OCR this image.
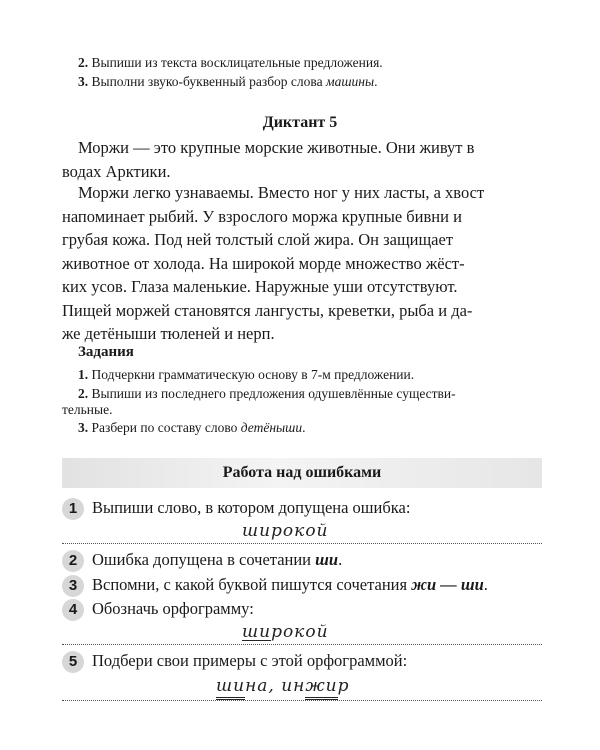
2. Выпиши из текста восклицательные предложения.
3. Выполни звуко-буквенный разбор слова машины.
Диктант 5
Моржи — это крупные морские животные. Они живут в
водах Арктики.
Моржи легко узнаваемы. Вместо ног у них ласты, а хвост
напоминает рыбий. У взрослого моржа крупные бивни и
грубая кожа. Под ней толстый слой жира. Он защищает
животное от холода. На широкой морде множество жёст-
ких усов. Глаза маленькие. Наружные уши отсутствуют.
Пищей моржей становятся лангусты, креветки, рыба и да-
же детёныши тюленей и нерп.
Задания
1. Подчеркни грамматическую основу в 7-м предложении.
2. Выпиши из последнего предложения одушевлённые существи-
тельные.
3. Разбери по составу слово детёныши.
Работа над ошибками
1 Выпиши слово, в котором допущена ошибка:
широкой
2 Ошибка допущена в сочетании ши.
3 Вспомни, с какой буквой пишутся сочетания жи — ши.
4 Обозначь орфограмму:
широкой
5 Подбери свои примеры с этой орфограммой:
шина, инжир
